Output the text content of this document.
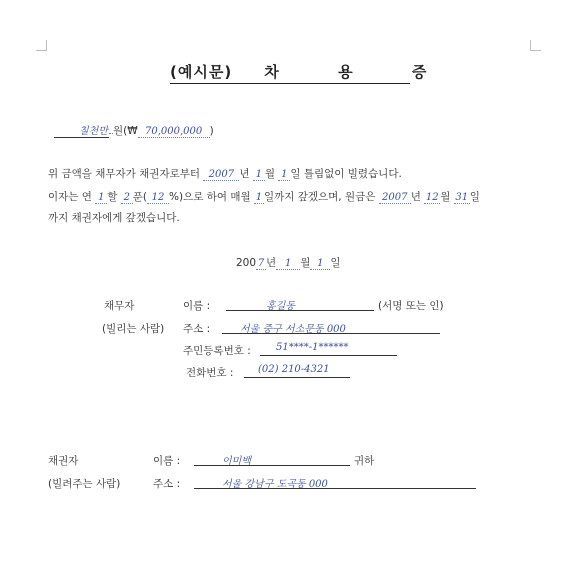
(예시문) 차	용	증
칠천만 원(₩ 70,000,000 )
위 금액을 채무자가 채권자로부터 2007 년 1 월 1 일 틀림없이 빌렸습니다.
이자는 연 1 할 2 푼( 12 %)으로 하여 매월 1 일까지 갚겠으며, 원금은 2007 년 12 월 31 일
까지 채권자에게 갚겠습니다.
200 7 년 1 월 1 일
채무자
(빌리는 사람)
이름 :	홍길동	(서명 또는 인)
주소 :	서울 중구 서소문동 000
주민등록번호 :	51****-1******
전화번호 : (02) 210-4321
채권자
(빌려주는 사람)
이름 :	이미백	귀하
주소 :	서울 강남구 도곡동 000
